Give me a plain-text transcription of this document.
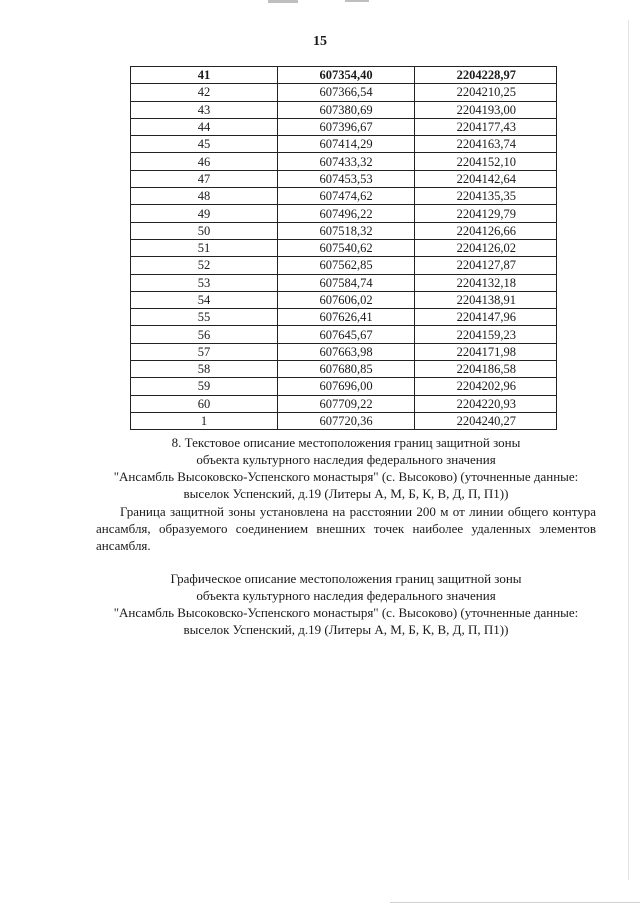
15
41	607354,40	2204228,97
42	607366,54	2204210,25
43	607380,69	2204193,00
44	607396,67	2204177,43
45	607414,29	2204163,74
46	607433,32	2204152,10
47	607453,53	2204142,64
48	607474,62	2204135,35
49	607496,22	2204129,79
50	607518,32	2204126,66
51	607540,62	2204126,02
52	607562,85	2204127,87
53	607584,74	2204132,18
54	607606,02	2204138,91
55	607626,41	2204147,96
56	607645,67	2204159,23
57	607663,98	2204171,98
58	607680,85	2204186,58
59	607696,00	2204202,96
60	607709,22	2204220,93
1	607720,36	2204240,27
8. Текстовое описание местоположения границ защитной зоны
объекта культурного наследия федерального значения
"Ансамбль Высоковско-Успенского монастыря" (с. Высоково) (уточненные данные:
выселок Успенский, д.19 (Литеры А, М, Б, К, В, Д, П, П1))
Граница защитной зоны установлена на расстоянии 200 м от линии общего контура ансамбля, образуемого соединением внешних точек наиболее удаленных элементов ансамбля.
Графическое описание местоположения границ защитной зоны
объекта культурного наследия федерального значения
"Ансамбль Высоковско-Успенского монастыря" (с. Высоково) (уточненные данные:
выселок Успенский, д.19 (Литеры А, М, Б, К, В, Д, П, П1))
